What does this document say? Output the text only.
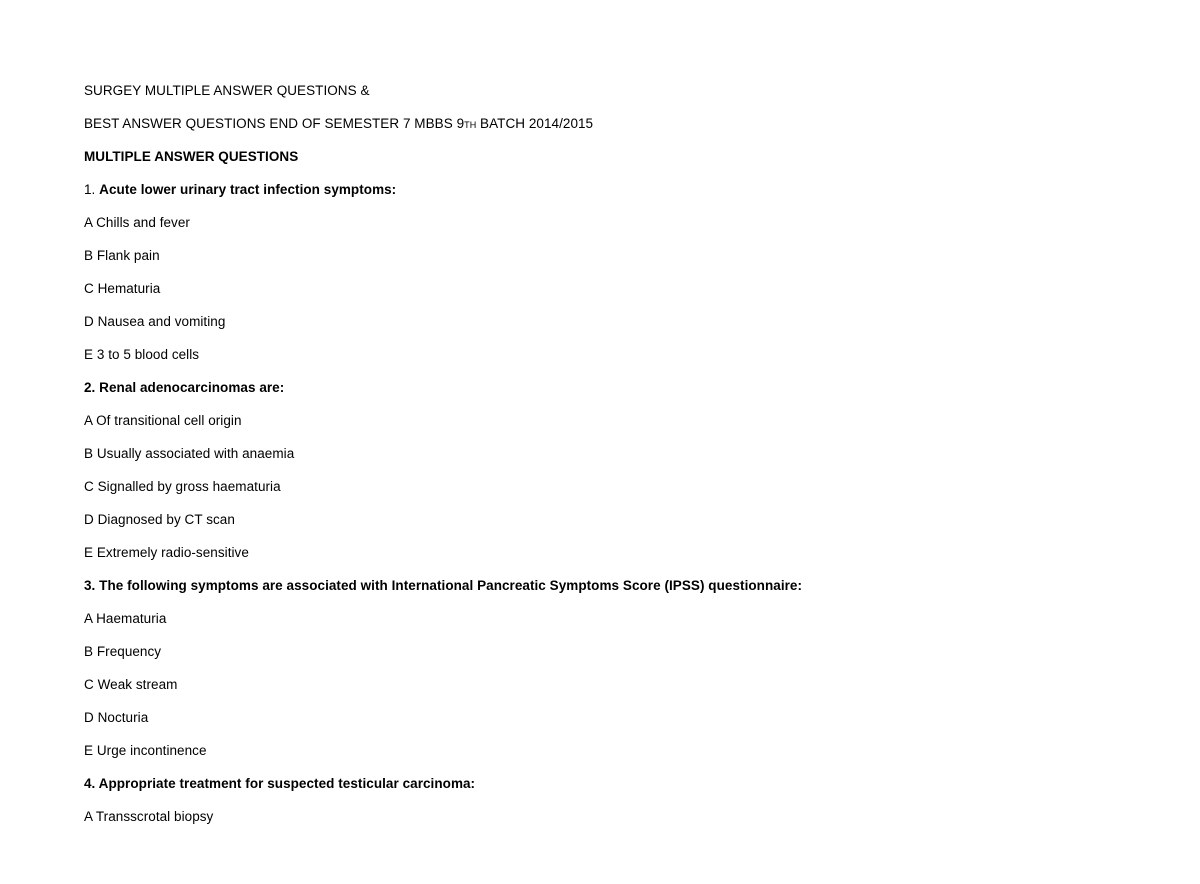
SURGEY MULTIPLE ANSWER QUESTIONS &
BEST ANSWER QUESTIONS END OF SEMESTER 7 MBBS 9TH BATCH 2014/2015
MULTIPLE ANSWER QUESTIONS
1. Acute lower urinary tract infection symptoms:
A Chills and fever
B Flank pain
C Hematuria
D Nausea and vomiting
E 3 to 5 blood cells
2. Renal adenocarcinomas are:
A Of transitional cell origin
B Usually associated with anaemia
C Signalled by gross haematuria
D Diagnosed by CT scan
E Extremely radio-sensitive
3. The following symptoms are associated with International Pancreatic Symptoms Score (IPSS) questionnaire:
A Haematuria
B Frequency
C Weak stream
D Nocturia
E Urge incontinence
4. Appropriate treatment for suspected testicular carcinoma:
A Transscrotal biopsy
